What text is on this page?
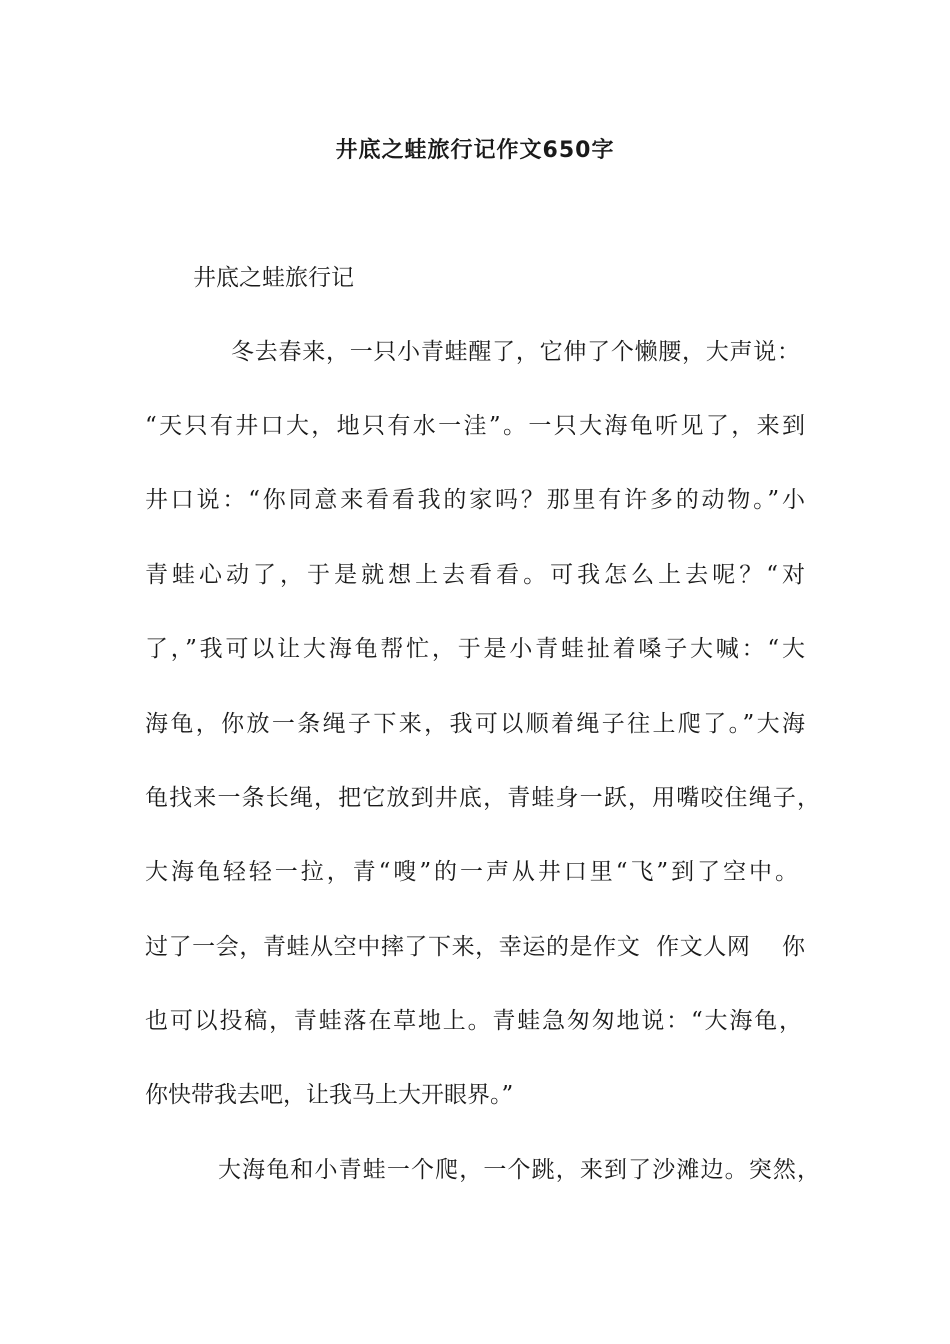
井底之蛙旅行记作文650字
井底之蛙旅行记
冬去春来，一只小青蛙醒了，它伸了个懒腰，大声说：
“天只有井口大，地只有水一洼”。一只大海龟听见了，来到
井口说：“你同意来看看我的家吗？那里有许多的动物。”小
青蛙心动了，于是就想上去看看。可我怎么上去呢？“对
了，”我可以让大海龟帮忙，于是小青蛙扯着嗓子大喊：“大
海龟，你放一条绳子下来，我可以顺着绳子往上爬了。”大海
龟找来一条长绳，把它放到井底，青蛙身一跃，用嘴咬住绳子，
大海龟轻轻一拉，青“嗖”的一声从井口里“飞”到了空中。
过了一会，青蛙从空中摔了下来，幸运的是作文  作文人网    你
也可以投稿，青蛙落在草地上。青蛙急匆匆地说：“大海龟，
你快带我去吧，让我马上大开眼界。”
大海龟和小青蛙一个爬，一个跳，来到了沙滩边。突然，
